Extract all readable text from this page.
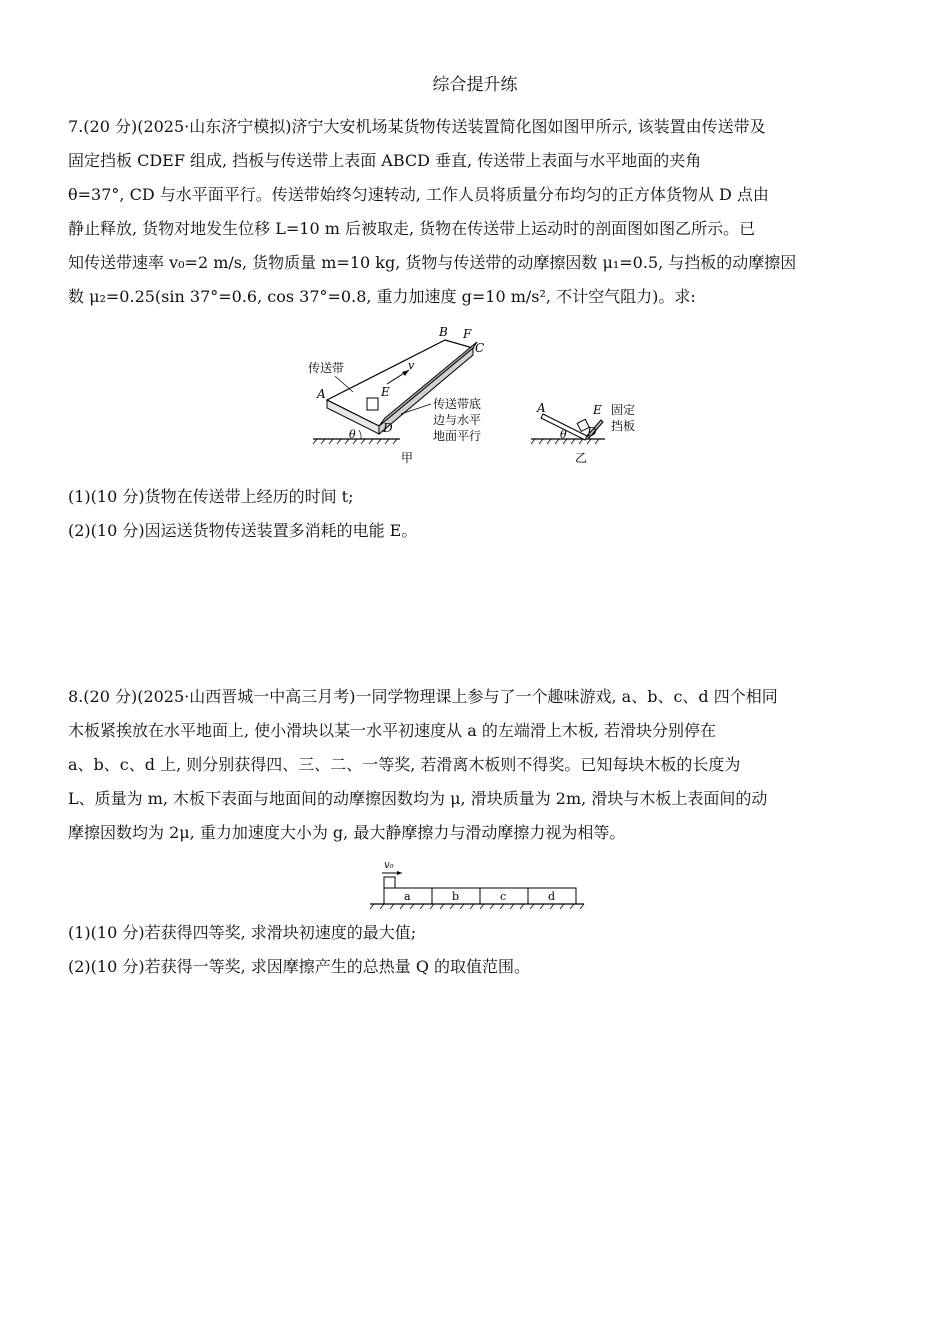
综合提升练
7.(20 分)(2025·山东济宁模拟)济宁大安机场某货物传送装置简化图如图甲所示, 该装置由传送带及
固定挡板 CDEF 组成, 挡板与传送带上表面 ABCD 垂直, 传送带上表面与水平地面的夹角
θ=37°, CD 与水平面平行。传送带始终匀速转动, 工作人员将质量分布均匀的正方体货物从 D 点由
静止释放, 货物对地发生位移 L=10 m 后被取走, 货物在传送带上运动时的剖面图如图乙所示。已
知传送带速率 v₀=2 m/s, 货物质量 m=10 kg, 货物与传送带的动摩擦因数 μ₁=0.5, 与挡板的动摩擦因
数 μ₂=0.25(sin 37°=0.6, cos 37°=0.8, 重力加速度 g=10 m/s², 不计空气阻力)。求:
v
传送带
A
B F
C
D
E
θ
传送带底
边与水平
地面平行
甲
A	E
D
θ
固定
挡板
乙
(1)(10 分)货物在传送带上经历的时间 t;
(2)(10 分)因运送货物传送装置多消耗的电能 E。
8.(20 分)(2025·山西晋城一中高三月考)一同学物理课上参与了一个趣味游戏, a、b、c、d 四个相同
木板紧挨放在水平地面上, 使小滑块以某一水平初速度从 a 的左端滑上木板, 若滑块分别停在
a、b、c、d 上, 则分别获得四、三、二、一等奖, 若滑离木板则不得奖。已知每块木板的长度为
L、质量为 m, 木板下表面与地面间的动摩擦因数均为 μ, 滑块质量为 2m, 滑块与木板上表面间的动
摩擦因数均为 2μ, 重力加速度大小为 g, 最大静摩擦力与滑动摩擦力视为相等。
v₀
a	b	c	d
(1)(10 分)若获得四等奖, 求滑块初速度的最大值;
(2)(10 分)若获得一等奖, 求因摩擦产生的总热量 Q 的取值范围。
